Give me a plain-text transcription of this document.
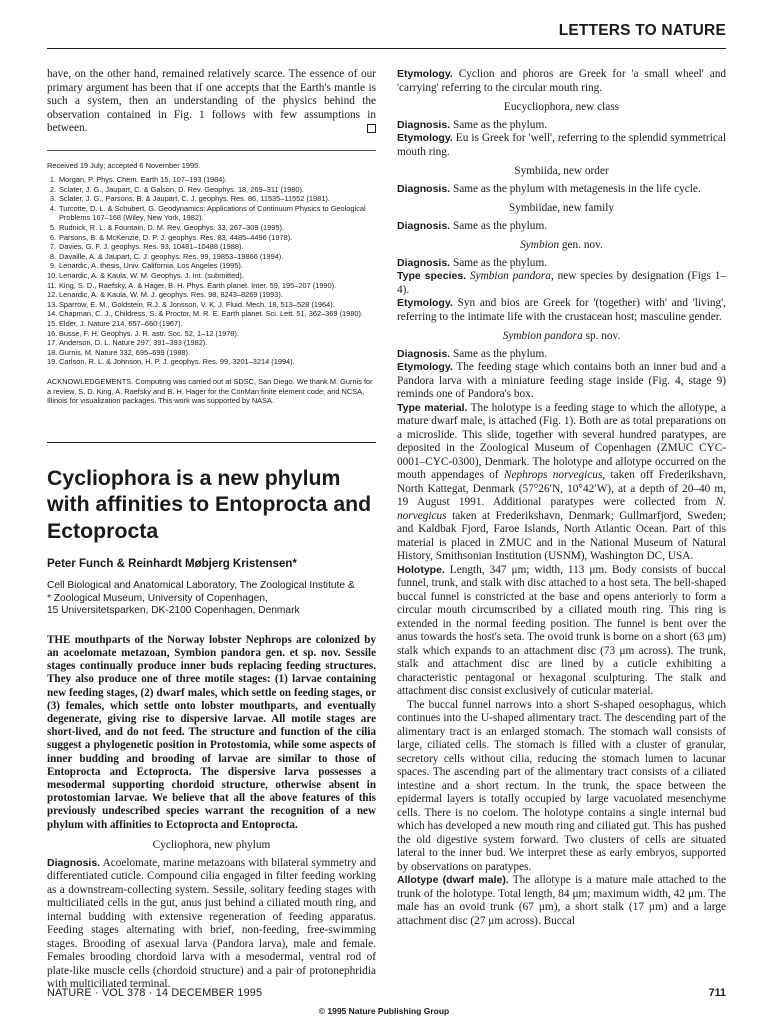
LETTERS TO NATURE

have, on the other hand, remained relatively scarce. The essence of our primary argument has been that if one accepts that the Earth's mantle is such a system, then an understanding of the physics behind the observation contained in Fig. 1 follows with few assumptions in between.

Received 19 July; accepted 6 November 1995.
1. Morgan, P. Phys. Chem. Earth 15, 107–193 (1984).
2. Sclater, J. G., Jaupart, C. & Galson, D. Rev. Geophys. 18, 269–311 (1980).
3. Sclater, J. G., Parsons, B. & Jaupart, C. J. geophys. Res. 86, 11535–11552 (1981).
4. Turcotte, D. L. & Schubert, G. Geodynamics: Applications of Continuum Physics to Geological Problems 167–168 (Wiley, New York, 1982).
5. Rudnick, R. L. & Fountain, D. M. Rev. Geophys. 33, 267–309 (1995).
6. Parsons, B. & McKenzie, D. P. J. geophys. Res. 83, 4485–4496 (1978).
7. Davies, G. F. J. geophys. Res. 93, 10481–10488 (1988).
8. Davaille, A. & Jaupart, C. J. geophys. Res. 99, 19853–19866 (1994).
9. Lenardic, A. thesis, Univ. California, Los Angeles (1995).
10. Lenardic, A. & Kaula, W. M. Geophys. J. Int. (submitted).
11. King, S. D., Raefsky, A. & Hager, B. H. Phys. Earth planet. Inter. 59, 195–207 (1990).
12. Lenardic, A. & Kaula, W. M. J. geophys. Res. 98, 8243–8269 (1993).
13. Sparrow, E. M., Goldstein, R.J. & Jonsson, V. K. J. Fluid. Mech. 18, 513–528 (1964).
14. Chapman, C. J., Childress, S. & Proctor, M. R. E. Earth planet. Sci. Lett. 51, 362–369 (1980).
15. Elder, J. Nature 214, 657–660 (1967).
16. Busse, F. H. Geophys. J. R. astr. Soc. 52, 1–12 (1978).
17. Anderson, D. L. Nature 297, 391–393 (1982).
18. Gurnis, M. Nature 332, 695–699 (1988).
19. Carlson, R. L. & Johnson, H. P. J. geophys. Res. 99, 3201–3214 (1994).
ACKNOWLEDGEMENTS. Computing was carried out at SDSC, San Diego. We thank M. Gurnis for a review, S. D. King, A. Raefsky and B. H. Hager for the ConMan finite element code; and NCSA, Illinois for visualization packages. This work was supported by NASA.
Cycliophora is a new phylum with affinities to Entoprocta and Ectoprocta
Peter Funch & Reinhardt Møbjerg Kristensen*
Cell Biological and Anatomical Laboratory, The Zoological Institute &
* Zoological Museum, University of Copenhagen,
15 Universitetsparken, DK-2100 Copenhagen, Denmark

THE mouthparts of the Norway lobster Nephrops are colonized by an acoelomate metazoan, Symbion pandora gen. et sp. nov. Sessile stages continually produce inner buds replacing feeding structures. They also produce one of three motile stages: (1) larvae containing new feeding stages, (2) dwarf males, which settle on feeding stages, or (3) females, which settle onto lobster mouthparts, and eventually degenerate, giving rise to dispersive larvae. All motile stages are short-lived, and do not feed. The structure and function of the cilia suggest a phylogenetic position in Protostomia, while some aspects of inner budding and brooding of larvae are similar to those of Entoprocta and Ectoprocta. The dispersive larva possesses a mesodermal supporting chordoid structure, otherwise absent in protostomian larvae. We believe that all the above features of this previously undescribed species warrant the recognition of a new phylum with affinities to Ectoprocta and Entoprocta.

Cycliophora, new phylum

Diagnosis. Acoelomate, marine metazoans with bilateral symmetry and differentiated cuticle. Compound cilia engaged in filter feeding working as a downstream-collecting system. Sessile, solitary feeding stages with multiciliated cells in the gut, anus just behind a ciliated mouth ring, and internal budding with extensive regeneration of feeding apparatus. Feeding stages alternating with brief, non-feeding, free-swimming stages. Brooding of asexual larva (Pandora larva), male and female. Females brooding chordoid larva with a mesodermal, ventral rod of plate-like muscle cells (chordoid structure) and a pair of protonephridia with multiciliated terminal.

Etymology. Cyclion and phoros are Greek for 'a small wheel' and 'carrying' referring to the circular mouth ring.

Eucycliophora, new class

Diagnosis. Same as the phylum.

Etymology. Eu is Greek for 'well', referring to the splendid symmetrical mouth ring.

Symbiida, new order

Diagnosis. Same as the phylum with metagenesis in the life cycle.

Symbiidae, new family

Diagnosis. Same as the phylum.

Symbion gen. nov.

Diagnosis. Same as the phylum.

Type species. Symbion pandora, new species by designation (Figs 1–4).

Etymology. Syn and bios are Greek for '(together) with' and 'living', referring to the intimate life with the crustacean host; masculine gender.

Symbion pandora sp. nov.

Diagnosis. Same as the phylum.

Etymology. The feeding stage which contains both an inner bud and a Pandora larva with a miniature feeding stage inside (Fig. 4, stage 9) reminds one of Pandora's box.

Type material. The holotype is a feeding stage to which the allotype, a mature dwarf male, is attached (Fig. 1). Both are as total preparations on a microslide. This slide, together with several hundred paratypes, are deposited in the Zoological Museum of Copenhagen (ZMUC CYC-0001–CYC-0300), Denmark. The holotype and allotype occurred on the mouth appendages of Nephrops norvegicus, taken off Frederikshavn, North Kattegat, Denmark (57°26′N, 10°42′W), at a depth of 20–40 m, 19 August 1991. Additional paratypes were collected from N. norvegicus taken at Frederikshavn, Denmark; Gullmarfjord, Sweden; and Kaldbak Fjord, Faroe Islands, North Atlantic Ocean. Part of this material is placed in ZMUC and in the National Museum of Natural History, Smithsonian Institution (USNM), Washington DC, USA.

Holotype. Length, 347 μm; width, 113 μm. Body consists of buccal funnel, trunk, and stalk with disc attached to a host seta. The bell-shaped buccal funnel is constricted at the base and opens anteriorly to form a circular mouth circumscribed by a ciliated mouth ring. This ring is extended in the normal feeding position. The funnel is bent over the anus towards the host's seta. The ovoid trunk is borne on a short (63 μm) stalk which expands to an attachment disc (73 μm across). The trunk, stalk and attachment disc are lined by a cuticle exhibiting a characteristic pentagonal or hexagonal sculpturing. The stalk and attachment disc consist exclusively of cuticular material.

The buccal funnel narrows into a short S-shaped oesophagus, which continues into the U-shaped alimentary tract. The descending part of the alimentary tract is an enlarged stomach. The stomach wall consists of large, ciliated cells. The stomach is filled with a cluster of granular, secretory cells without cilia, reducing the stomach lumen to lacunar spaces. The ascending part of the alimentary tract consists of a ciliated intestine and a short rectum. In the trunk, the space between the epidermal layers is totally occupied by large vacuolated mesenchyme cells. There is no coelom. The holotype contains a single internal bud which has developed a new mouth ring and ciliated gut. This has pushed the old digestive system forward. Two clusters of cells are situated lateral to the inner bud. We interpret these as early embryos, supported by observations on paratypes.

Allotype (dwarf male). The allotype is a mature male attached to the trunk of the holotype. Total length, 84 μm; maximum width, 42 μm. The male has an ovoid trunk (67 μm), a short stalk (17 μm) and a large attachment disc (27 μm across). Buccal

NATURE · VOL 378 · 14 DECEMBER 1995	711
© 1995 Nature Publishing Group
